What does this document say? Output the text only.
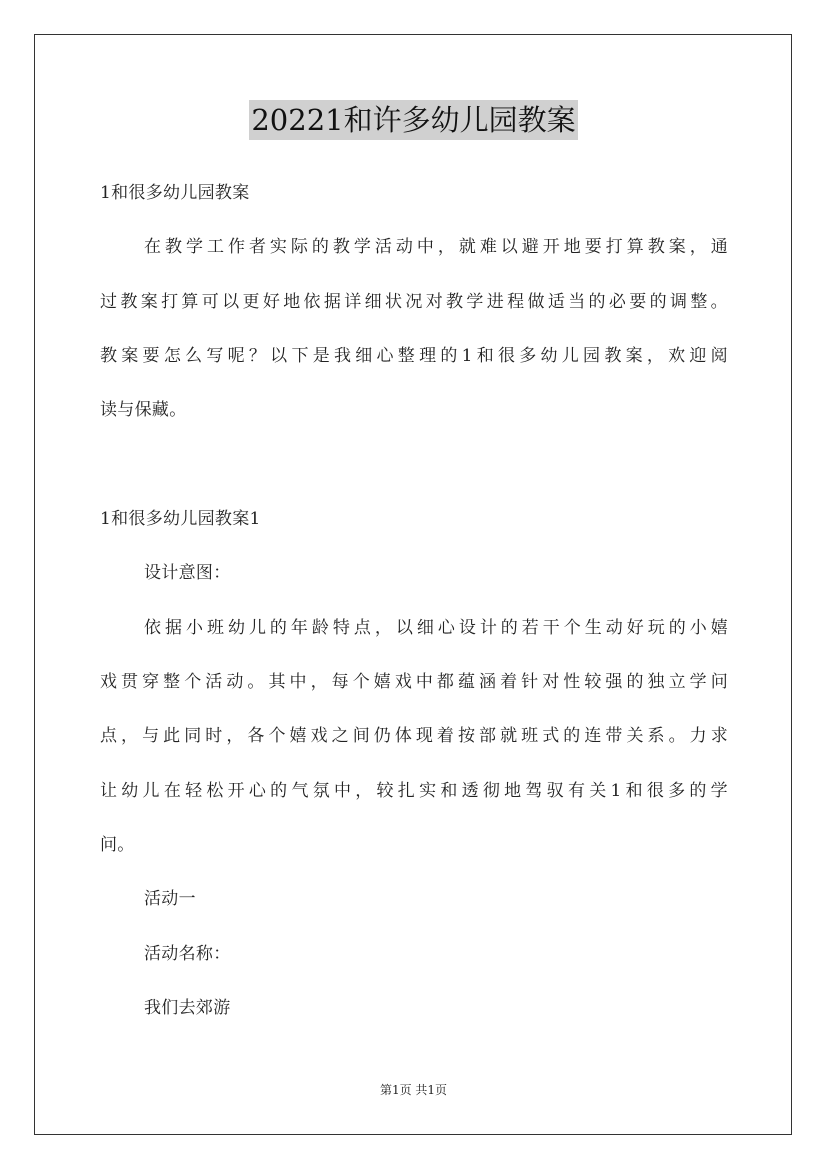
20221和许多幼儿园教案
1和很多幼儿园教案
在教学工作者实际的教学活动中，就难以避开地要打算教案，通
过教案打算可以更好地依据详细状况对教学进程做适当的必要的调整。
教案要怎么写呢？以下是我细心整理的1和很多幼儿园教案，欢迎阅
读与保藏。
1和很多幼儿园教案1
设计意图：
依据小班幼儿的年龄特点，以细心设计的若干个生动好玩的小嬉
戏贯穿整个活动。其中，每个嬉戏中都蕴涵着针对性较强的独立学问
点，与此同时，各个嬉戏之间仍体现着按部就班式的连带关系。力求
让幼儿在轻松开心的气氛中，较扎实和透彻地驾驭有关1和很多的学
问。
活动一
活动名称：
我们去郊游
第1页 共1页
